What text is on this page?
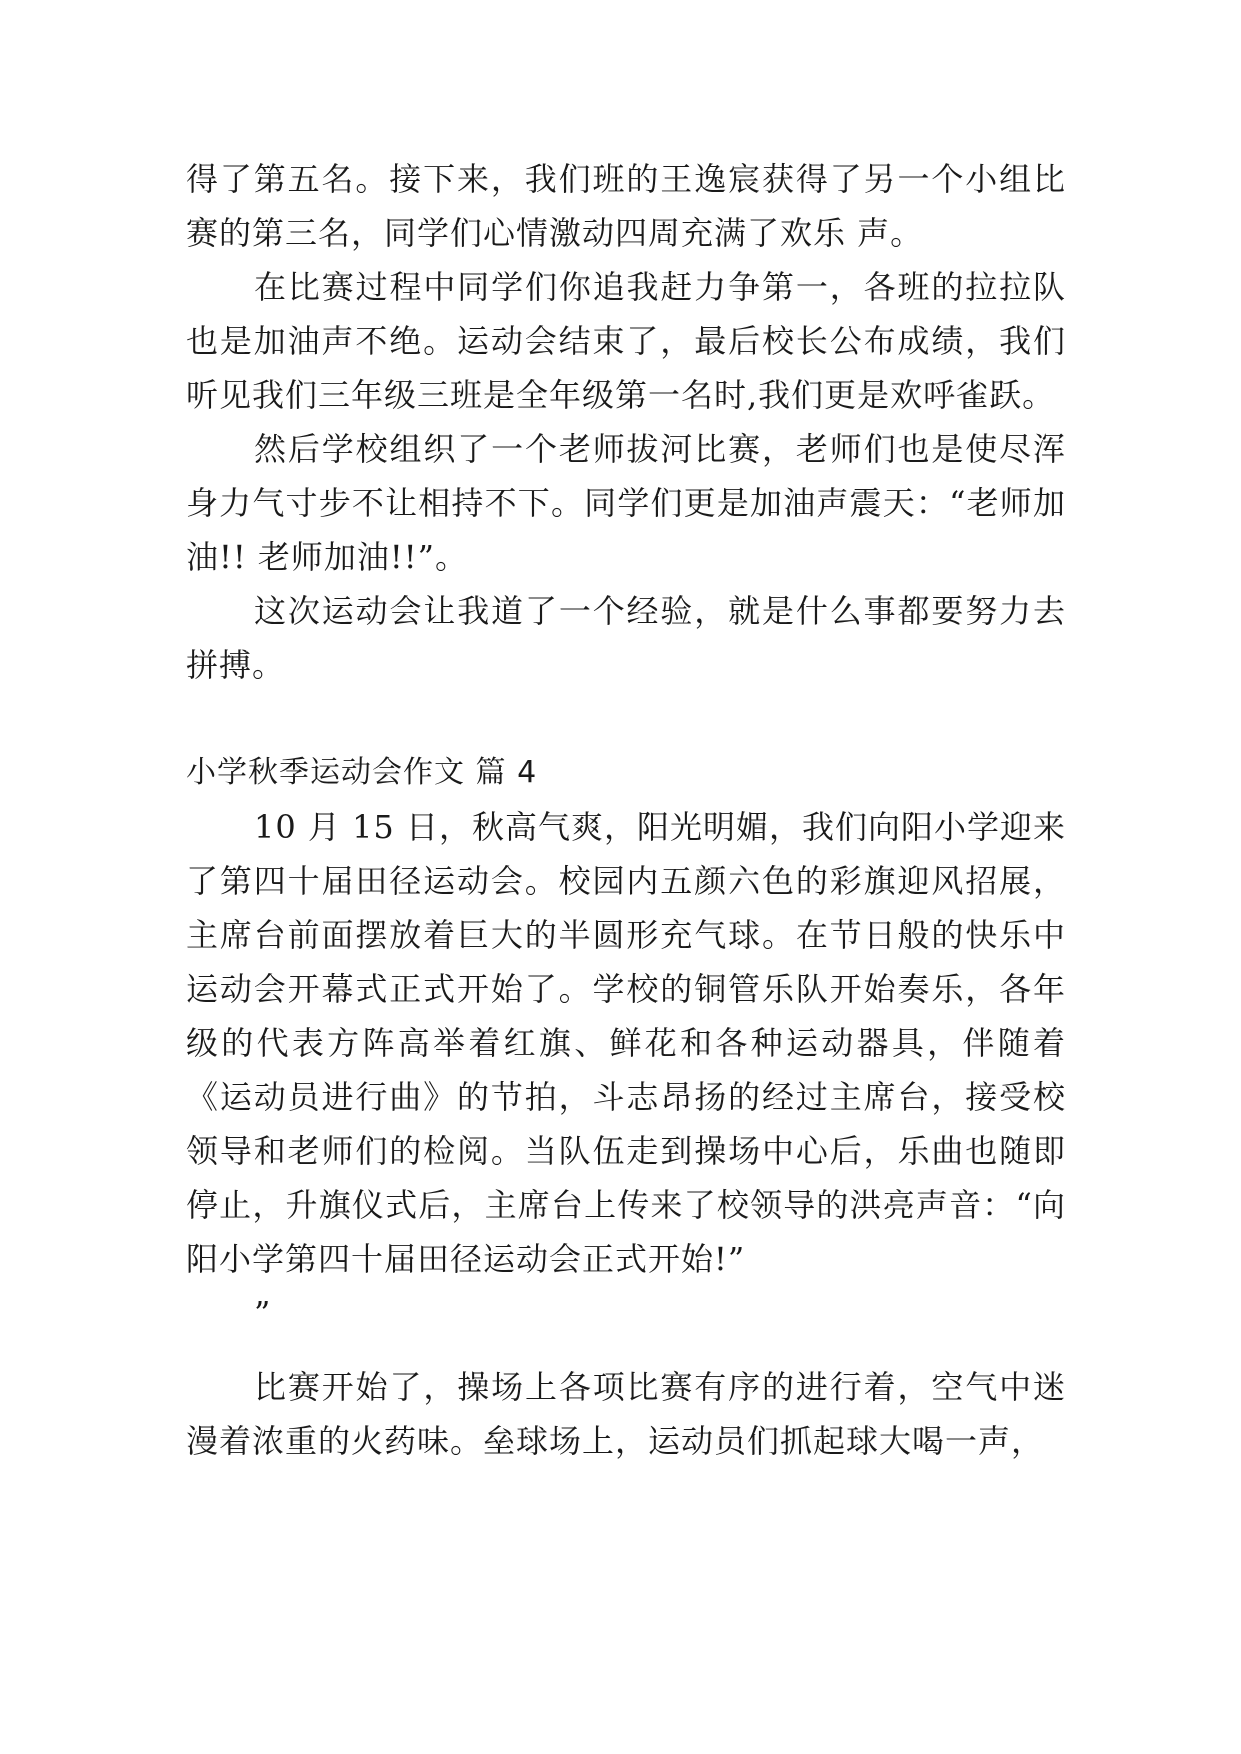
得了第五名。接下来，我们班的王逸宸获得了另一个小组比赛的第三名，同学们心情激动四周充满了欢乐 声。

在比赛过程中同学们你追我赶力争第一，各班的拉拉队也是加油声不绝。运动会结束了，最后校长公布成绩，我们听见我们三年级三班是全年级第一名时,我们更是欢呼雀跃。

然后学校组织了一个老师拔河比赛，老师们也是使尽浑身力气寸步不让相持不下。同学们更是加油声震天：“老师加油!! 老师加油!!”。

这次运动会让我道了一个经验，就是什么事都要努力去拼搏。

小学秋季运动会作文 篇 4

10 月 15 日，秋高气爽，阳光明媚，我们向阳小学迎来了第四十届田径运动会。校园内五颜六色的彩旗迎风招展，主席台前面摆放着巨大的半圆形充气球。在节日般的快乐中运动会开幕式正式开始了。学校的铜管乐队开始奏乐，各年级的代表方阵高举着红旗、鲜花和各种运动器具，伴随着《运动员进行曲》的节拍，斗志昂扬的经过主席台，接受校领导和老师们的检阅。当队伍走到操场中心后，乐曲也随即停止，升旗仪式后，主席台上传来了校领导的洪亮声音：“向阳小学第四十届田径运动会正式开始!”

”

比赛开始了，操场上各项比赛有序的进行着，空气中迷漫着浓重的火药味。垒球场上，运动员们抓起球大喝一声，
